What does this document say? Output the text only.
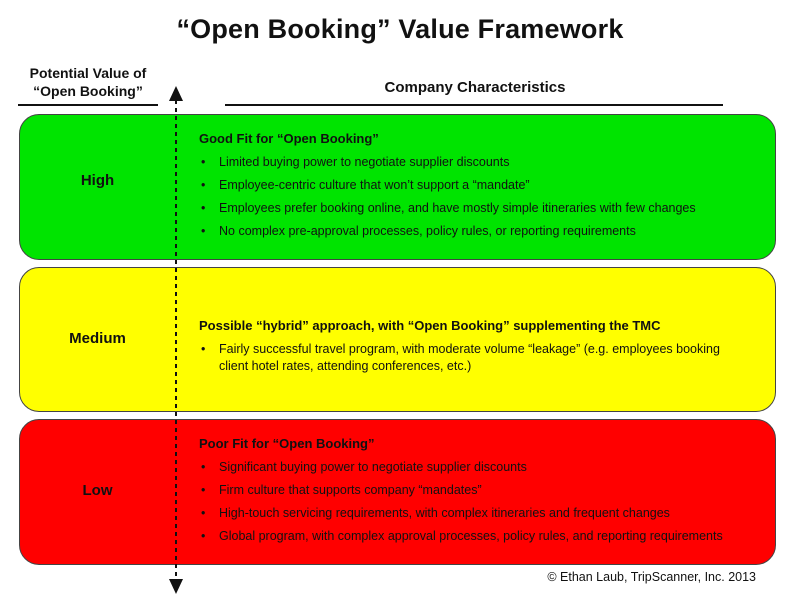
“Open Booking” Value Framework
Potential Value of
“Open Booking”	Company Characteristics
High
Good Fit for “Open Booking”
• Limited buying power to negotiate supplier discounts
• Employee-centric culture that won’t support a “mandate”
• Employees prefer booking online, and have mostly simple itineraries with few changes
• No complex pre-approval processes, policy rules, or reporting requirements
Medium
Possible “hybrid” approach, with “Open Booking” supplementing the TMC
• Fairly successful travel program, with moderate volume “leakage” (e.g. employees booking client hotel rates, attending conferences, etc.)
Low
Poor Fit for “Open Booking”
• Significant buying power to negotiate supplier discounts
• Firm culture that supports company “mandates”
• High-touch servicing requirements, with complex itineraries and frequent changes
• Global program, with complex approval processes, policy rules, and reporting requirements
© Ethan Laub, TripScanner, Inc. 2013
